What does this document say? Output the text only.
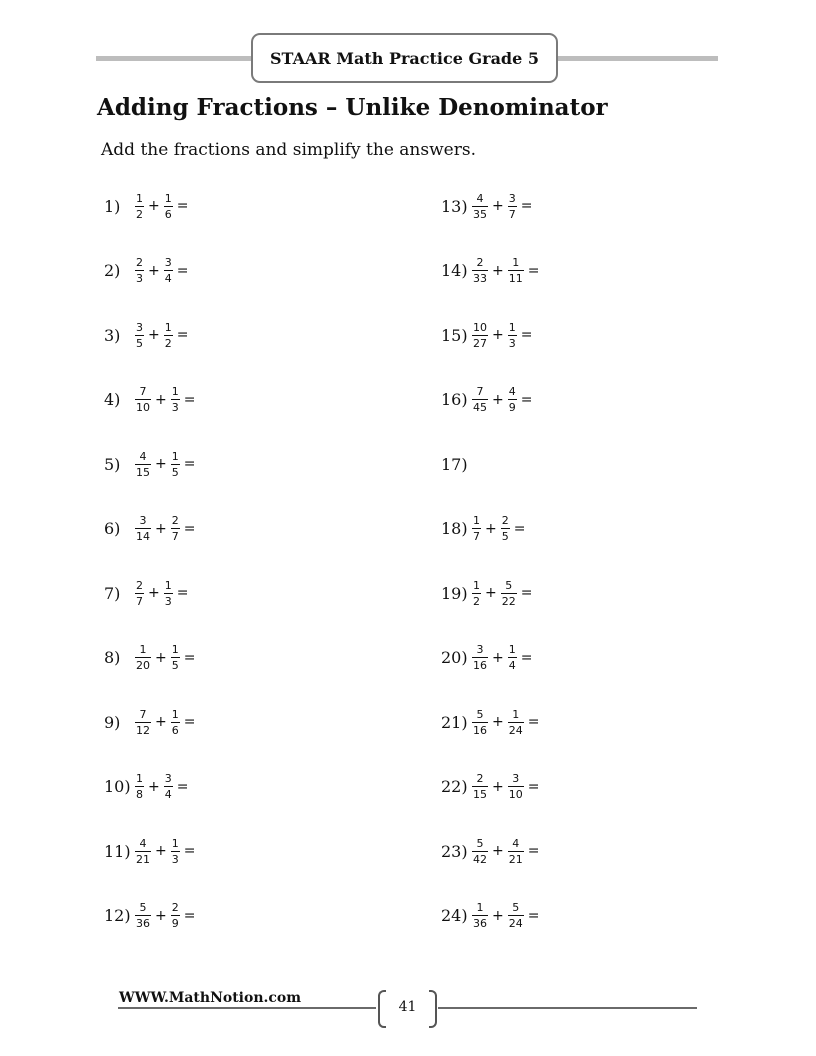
STAAR Math Practice Grade 5
Adding Fractions – Unlike Denominator
Add the fractions and simplify the answers.
1)	$\frac{1}{2} + \frac{1}{6}$ =
2)	$\frac{2}{3} + \frac{3}{4}$ =
3)	$\frac{3}{5} + \frac{1}{2}$ =
4)	$\frac{7}{10} + \frac{1}{3}$ =
5)	$\frac{4}{15} + \frac{1}{5}$ =
6)	$\frac{3}{14} + \frac{2}{7}$ =
7)	$\frac{2}{7} + \frac{1}{3}$ =
8)	$\frac{1}{20} + \frac{1}{5}$ =
9)	$\frac{7}{12} + \frac{1}{6}$ =
$10) \frac{1}{8} + \frac{3}{4}$ =
$11) \frac{4}{21} + \frac{1}{3}$ =
$12) \frac{5}{36} + \frac{2}{9}$ =
$13) \frac{4}{35} + \frac{3}{7}$ =
$14) \frac{2}{33} + \frac{1}{11}$ =
$15) \frac{10}{27} + \frac{1}{3}$ =
$16) \frac{7}{45} + \frac{4}{9}$ =
17)
$18) \frac{1}{7} + \frac{2}{5}$ =
$19) \frac{1}{2} + \frac{5}{22}$ =
$20) \frac{3}{16} + \frac{1}{4}$ =
$21) \frac{5}{16} + \frac{1}{24}$ =
$22) \frac{2}{15} + \frac{3}{10}$ =
$23) \frac{5}{42} + \frac{4}{21}$ =
$24) \frac{1}{36} + \frac{5}{24}$ =
WWW.MathNotion.com
41
